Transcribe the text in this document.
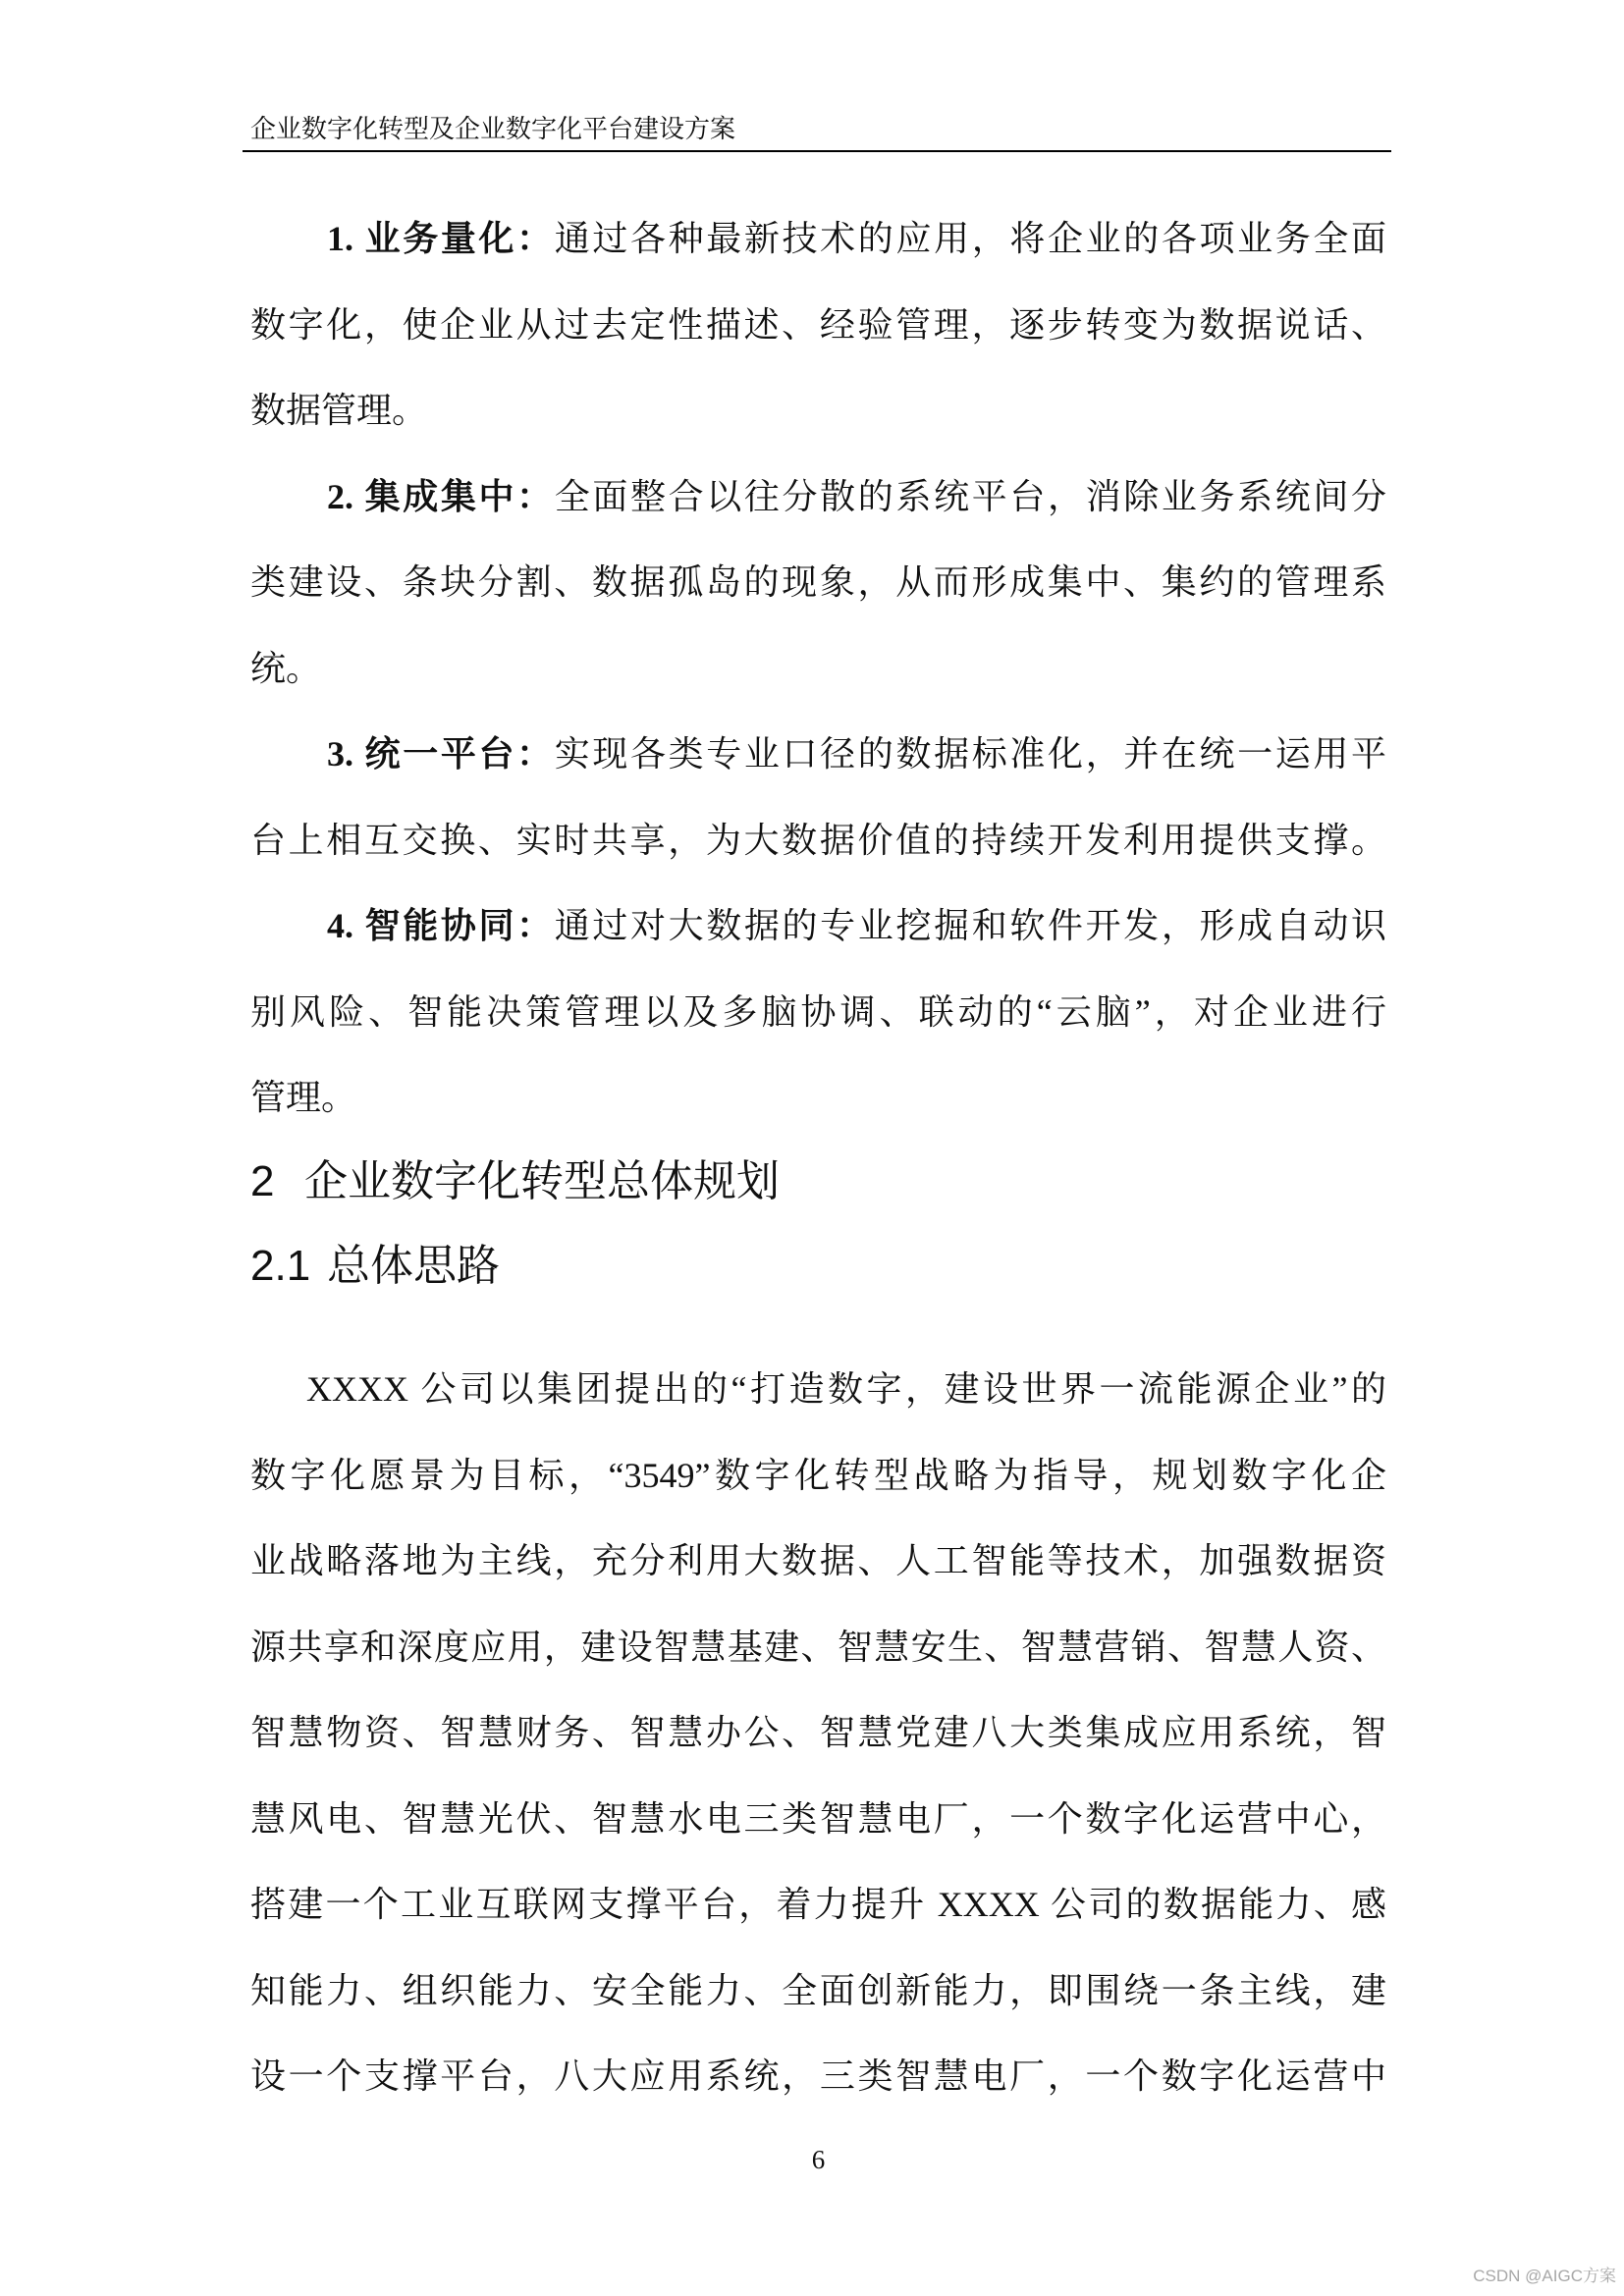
企业数字化转型及企业数字化平台建设方案
1. 业务量化：通过各种最新技术的应用，将企业的各项业务全面
数字化，使企业从过去定性描述、经验管理，逐步转变为数据说话、
数据管理。
2. 集成集中：全面整合以往分散的系统平台，消除业务系统间分
类建设、条块分割、数据孤岛的现象，从而形成集中、集约的管理系
统。
3. 统一平台：实现各类专业口径的数据标准化，并在统一运用平
台上相互交换、实时共享，为大数据价值的持续开发利用提供支撑。
4. 智能协同：通过对大数据的专业挖掘和软件开发，形成自动识
别风险、智能决策管理以及多脑协调、联动的“云脑”，对企业进行
管理。
2 企业数字化转型总体规划
2.1 总体思路
XXXX 公司以集团提出的“打造数字，建设世界一流能源企业”的
数字化愿景为目标，“3549”数字化转型战略为指导，规划数字化企
业战略落地为主线，充分利用大数据、人工智能等技术，加强数据资
源共享和深度应用，建设智慧基建、智慧安生、智慧营销、智慧人资、
智慧物资、智慧财务、智慧办公、智慧党建八大类集成应用系统，智
慧风电、智慧光伏、智慧水电三类智慧电厂，一个数字化运营中心，
搭建一个工业互联网支撑平台，着力提升 XXXX 公司的数据能力、感
知能力、组织能力、安全能力、全面创新能力，即围绕一条主线，建
设一个支撑平台，八大应用系统，三类智慧电厂，一个数字化运营中
6
CSDN @AIGC方案
